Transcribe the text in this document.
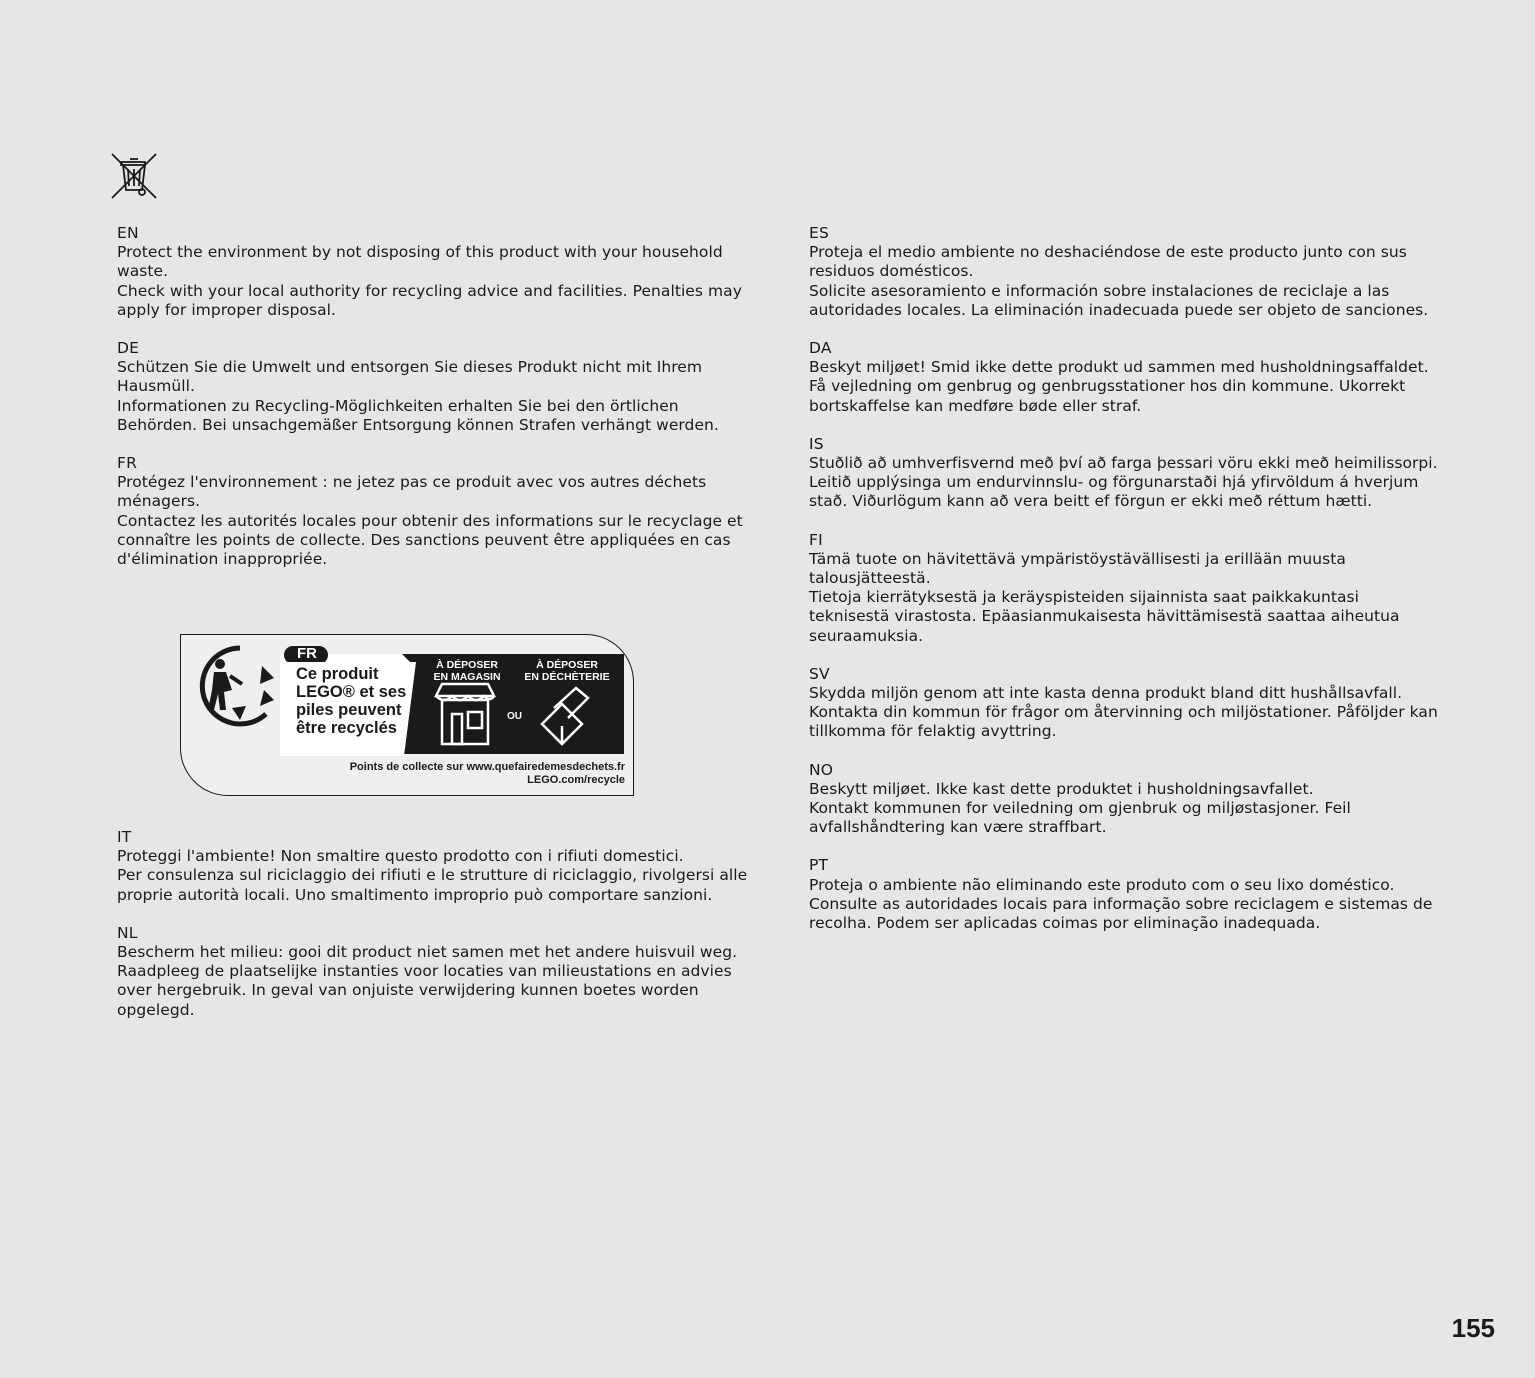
EN

Protect the environment by not disposing of this product with your household waste.

Check with your local authority for recycling advice and facilities. Penalties may apply for improper disposal.

DE

Schützen Sie die Umwelt und entsorgen Sie dieses Produkt nicht mit Ihrem Hausmüll.

Informationen zu Recycling-Möglichkeiten erhalten Sie bei den örtlichen Behörden. Bei unsachgemäßer Entsorgung können Strafen verhängt werden.

FR

Protégez l'environnement : ne jetez pas ce produit avec vos autres déchets ménagers.

Contactez les autorités locales pour obtenir des informations sur le recyclage et connaître les points de collecte. Des sanctions peuvent être appliquées en cas d'élimination inappropriée.

FR
Ce produit
LEGO® et ses
piles peuvent
être recyclés
À DÉPOSER
EN MAGASIN
À DÉPOSER
EN DÉCHÈTERIE
OU
Points de collecte sur www.quefairedemesdechets.fr
LEGO.com/recycle
IT

Proteggi l'ambiente! Non smaltire questo prodotto con i rifiuti domestici.

Per consulenza sul riciclaggio dei rifiuti e le strutture di riciclaggio, rivolgersi alle proprie autorità locali. Uno smaltimento improprio può comportare sanzioni.

NL

Bescherm het milieu: gooi dit product niet samen met het andere huisvuil weg.

Raadpleeg de plaatselijke instanties voor locaties van milieustations en advies over hergebruik. In geval van onjuiste verwijdering kunnen boetes worden opgelegd.

ES

Proteja el medio ambiente no deshaciéndose de este producto junto con sus residuos domésticos.

Solicite asesoramiento e información sobre instalaciones de reciclaje a las autoridades locales. La eliminación inadecuada puede ser objeto de sanciones.

DA

Beskyt miljøet! Smid ikke dette produkt ud sammen med husholdningsaffaldet.

Få vejledning om genbrug og genbrugsstationer hos din kommune. Ukorrekt bortskaffelse kan medføre bøde eller straf.

IS

Stuðlið að umhverfisvernd með því að farga þessari vöru ekki með heimilissorpi.

Leitið upplýsinga um endurvinnslu- og förgunarstaði hjá yfirvöldum á hverjum stað. Viðurlögum kann að vera beitt ef förgun er ekki með réttum hætti.

FI

Tämä tuote on hävitettävä ympäristöystävällisesti ja erillään muusta talousjätteestä.

Tietoja kierrätyksestä ja keräyspisteiden sijainnista saat paikkakuntasi teknisestä virastosta. Epäasianmukaisesta hävittämisestä saattaa aiheutua seuraamuksia.

SV

Skydda miljön genom att inte kasta denna produkt bland ditt hushållsavfall.

Kontakta din kommun för frågor om återvinning och miljöstationer. Påföljder kan tillkomma för felaktig avyttring.

NO

Beskytt miljøet. Ikke kast dette produktet i husholdningsavfallet.

Kontakt kommunen for veiledning om gjenbruk og miljøstasjoner. Feil avfallshåndtering kan være straffbart.

PT

Proteja o ambiente não eliminando este produto com o seu lixo doméstico.

Consulte as autoridades locais para informação sobre reciclagem e sistemas de recolha. Podem ser aplicadas coimas por eliminação inadequada.

155
